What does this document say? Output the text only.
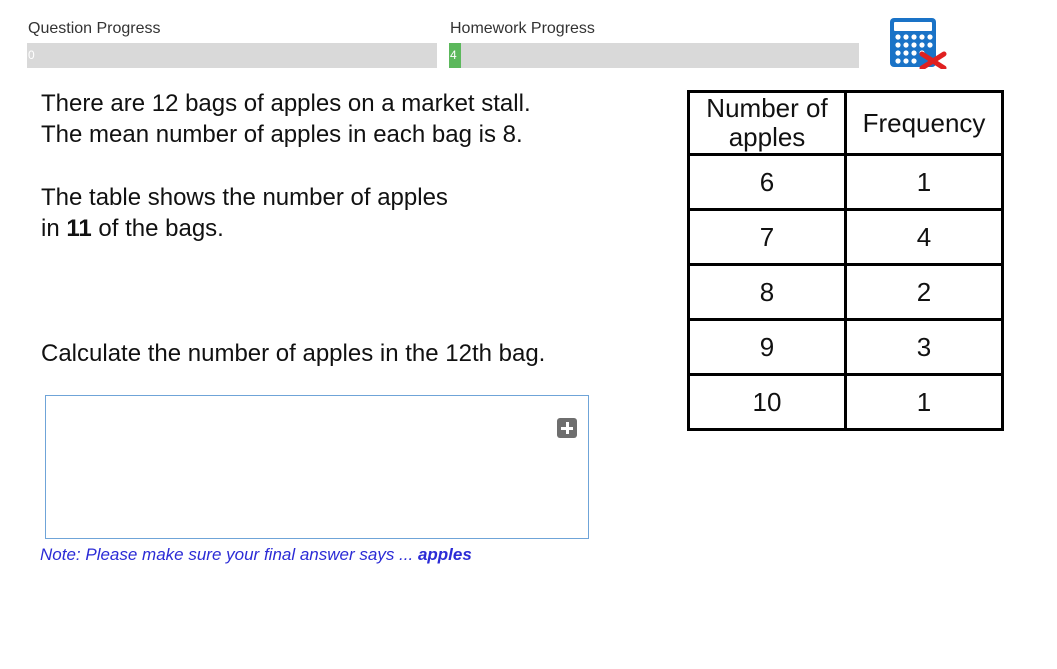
Question Progress
0
Homework Progress
4
There are 12 bags of apples on a market stall.
The mean number of apples in each bag is 8.
The table shows the number of apples
in 11 of the bags.
Calculate the number of apples in the 12th bag.
Note: Please make sure your final answer says ... apples
Number of
apples	Frequency
6	1
7	4
8	2
9	3
10	1
